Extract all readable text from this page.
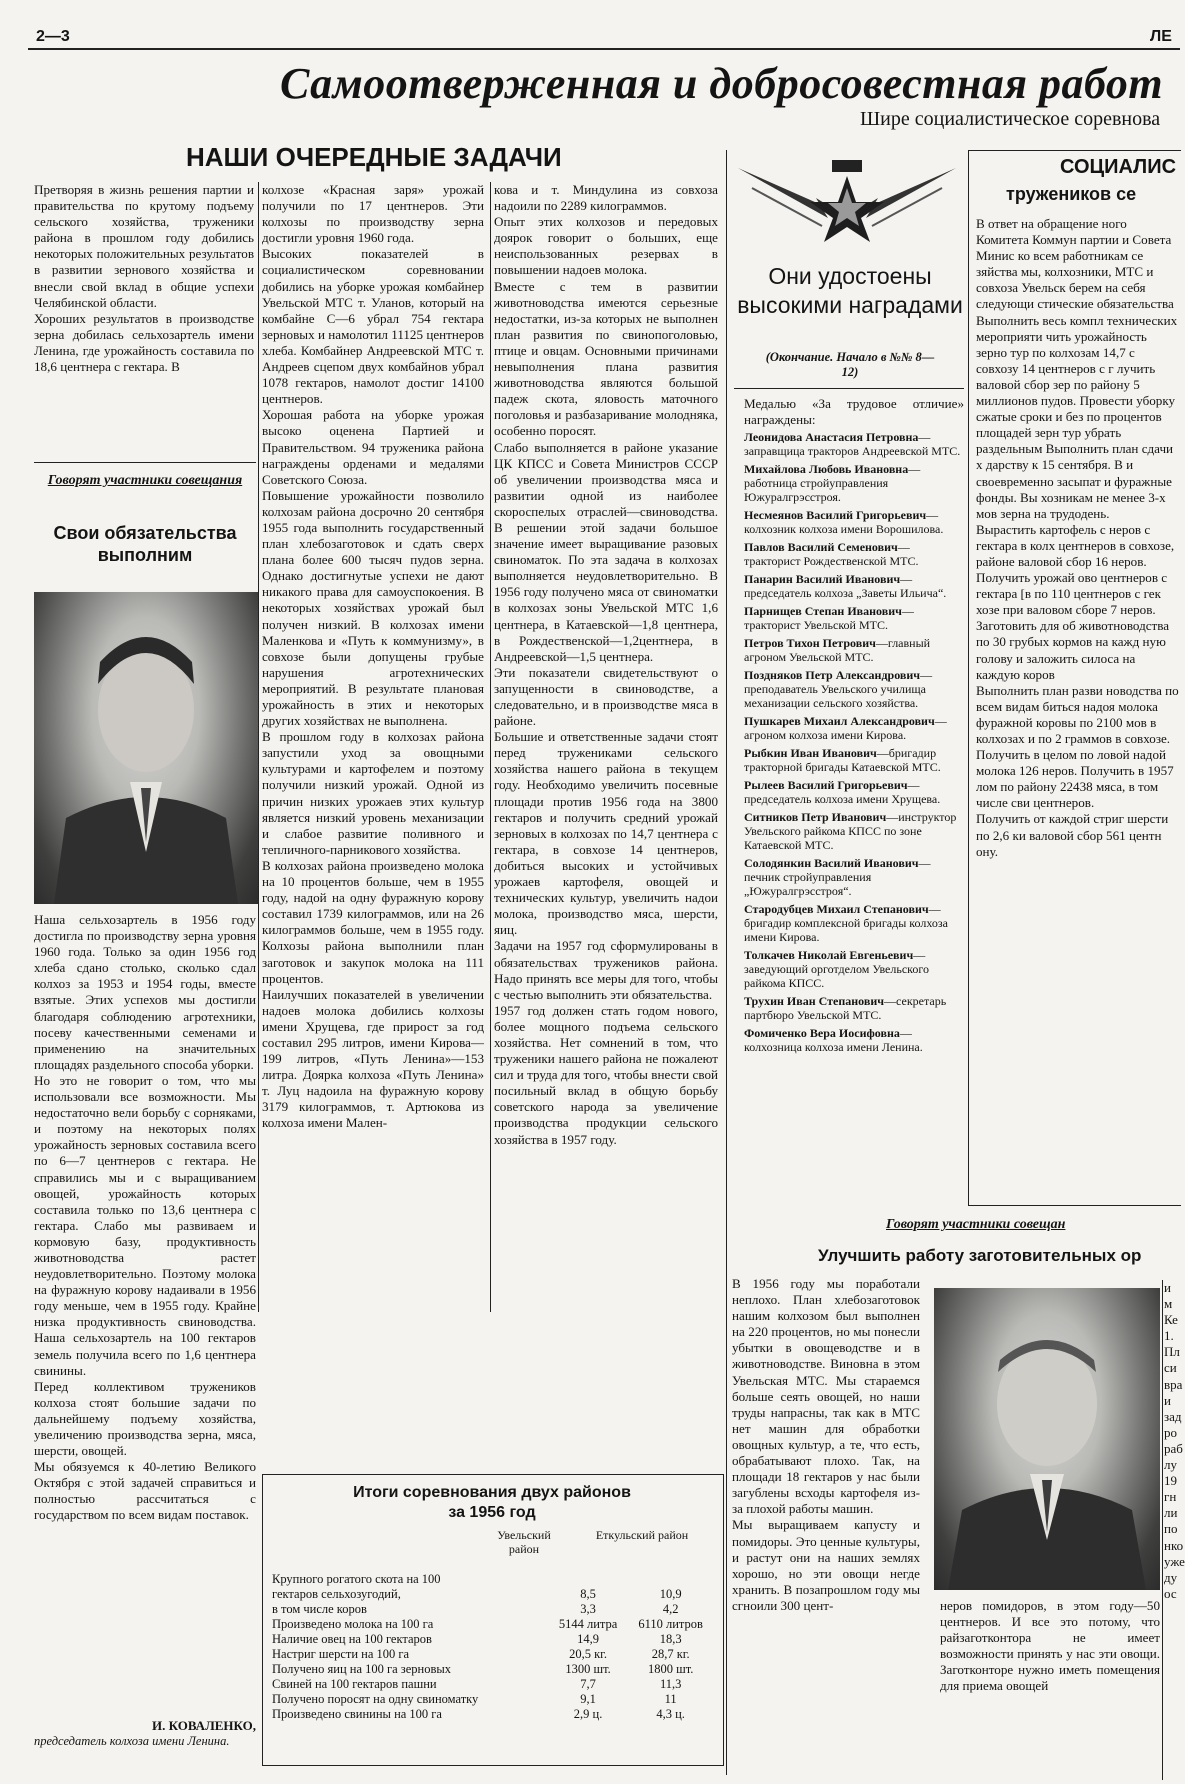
2—3	ЛЕ
Самоотверженная и добросовестная работ
Шире социалистическое соревнова
НАШИ ОЧЕРЕДНЫЕ ЗАДАЧИ

Претворяя в жизнь решения партии и правительства по крутому подъему сельского хозяйства, труженики района в прошлом году добились некоторых положительных результатов в развитии зернового хозяйства и внесли свой вклад в общие успехи Челябинской области.
Хороших результатов в производстве зерна добилась сельхозартель имени Ленина, где урожайность составила по 18,6 центнера с гектара. В

колхозе «Красная заря» урожай получили по 17 центнеров. Эти колхозы по производству зерна достигли уровня 1960 года.
Высоких показателей в социалистическом соревновании добились на уборке урожая комбайнер Увельской МТС т. Уланов, который на комбайне С—6 убрал 754 гектара зерновых и намолотил 11125 центнеров хлеба. Комбайнер Андреевской МТС т. Андреев сцепом двух комбайнов убрал 1078 гектаров, намолот достиг 14100 центнеров.
Хорошая работа на уборке урожая высоко оценена Партией и Правительством. 94 труженика района награждены орденами и медалями Советского Союза.
Повышение урожайности позволило колхозам района досрочно 20 сентября 1955 года выполнить государственный план хлебозаготовок и сдать сверх плана более 600 тысяч пудов зерна. Однако достигнутые успехи не дают никакого права для самоуспокоения. В некоторых хозяйствах урожай был получен низкий. В колхозах имени Маленкова и «Путь к коммунизму», в совхозе были допущены грубые нарушения агротехнических мероприятий. В результате плановая урожайность в этих и некоторых других хозяйствах не выполнена.
В прошлом году в колхозах района запустили уход за овощными культурами и картофелем и поэтому получили низкий урожай. Одной из причин низких урожаев этих культур является низкий уровень механизации и слабое развитие поливного и тепличного-парникового хозяйства.
В колхозах района произведено молока на 10 процентов больше, чем в 1955 году, надой на одну фуражную корову составил 1739 килограммов, или на 26 килограммов больше, чем в 1955 году. Колхозы района выполнили план заготовок и закупок молока на 111 процентов.
Наилучших показателей в увеличении надоев молока добились колхозы имени Хрущева, где прирост за год составил 295 литров, имени Кирова—199 литров, «Путь Ленина»—153 литра. Доярка колхоза «Путь Ленина» т. Луц надоила на фуражную корову 3179 килограммов, т. Артюкова из колхоза имени Мален-

кова и т. Миндулина из совхоза надоили по 2289 килограммов.
Опыт этих колхозов и передовых доярок говорит о больших, еще неиспользованных резервах в повышении надоев молока.
Вместе с тем в развитии животноводства имеются серьезные недостатки, из-за которых не выполнен план развития по свинопоголовью, птице и овцам. Основными причинами невыполнения плана развития животноводства являются большой падеж скота, яловость маточного поголовья и разбазаривание молодняка, особенно поросят.
Слабо выполняется в районе указание ЦК КПСС и Совета Министров СССР об увеличении производства мяса и развитии одной из наиболее скороспелых отраслей—свиноводства. В решении этой задачи большое значение имеет выращивание разовых свиноматок. По эта задача в колхозах выполняется неудовлетворительно. В 1956 году получено мяса от свиноматки в колхозах зоны Увельской МТС 1,6 центнера, в Катаевской—1,8 центнера, в Рождественской—1,2центнера, в Андреевской—1,5 центнера.
Эти показатели свидетельствуют о запущенности в свиноводстве, а следовательно, и в производстве мяса в районе.
Большие и ответственные задачи стоят перед тружениками сельского хозяйства нашего района в текущем году. Необходимо увеличить посевные площади против 1956 года на 3800 гектаров и получить средний урожай зерновых в колхозах по 14,7 центнера с гектара, в совхозе 14 центнеров, добиться высоких и устойчивых урожаев картофеля, овощей и технических культур, увеличить надои молока, производство мяса, шерсти, яиц.
Задачи на 1957 год сформулированы в обязательствах тружеников района. Надо принять все меры для того, чтобы с честью выполнить эти обязательства.
1957 год должен стать годом нового, более мощного подъема сельского хозяйства. Нет сомнений в том, что труженики нашего района не пожалеют сил и труда для того, чтобы внести свой посильный вклад в общую борьбу советского народа за увеличение производства продукции сельского хозяйства в 1957 году.

Говорят участники совещания
Свои обязательства выполним

Наша сельхозартель в 1956 году достигла по производству зерна уровня 1960 года. Только за один 1956 год хлеба сдано столько, сколько сдал колхоз за 1953 и 1954 годы, вместе взятые. Этих успехов мы достигли благодаря соблюдению агротехники, посеву качественными семенами и применению на значительных площадях раздельного способа уборки.
Но это не говорит о том, что мы использовали все возможности. Мы недостаточно вели борьбу с сорняками, и поэтому на некоторых полях урожайность зерновых составила всего по 6—7 центнеров с гектара. Не справились мы и с выращиванием овощей, урожайность которых составила только по 13,6 центнера с гектара. Слабо мы развиваем и кормовую базу, продуктивность животноводства растет неудовлетворительно. Поэтому молока на фуражную корову надаивали в 1956 году меньше, чем в 1955 году. Крайне низка продуктивность свиноводства. Наша сельхозартель на 100 гектаров земель получила всего по 1,6 центнера свинины.
Перед коллективом тружеников колхоза стоят большие задачи по дальнейшему подъему хозяйства, увеличению производства зерна, мяса, шерсти, овощей.
Мы обязуемся к 40-летию Великого Октября с этой задачей справиться и полностью рассчитаться с государством по всем видам поставок.

И. КОВАЛЕНКО,
председатель колхоза имени Ленина.
Итоги соревнования двух районов
за 1956 год
Увельский район
Еткульский район
Крупного рогатого скота на 100		
гектаров сельхозугодий,	8,5	10,9
в том числе коров	3,3	4,2
Произведено молока на 100 га	5144 литра	6110 литров
Наличие овец на 100 гектаров	14,9	18,3
Настриг шерсти на 100 га	20,5 кг.	28,7 кг.
Получено яиц на 100 га зерновых	1300 шт.	1800 шт.
Свиней на 100 гектаров пашни	7,7	11,3
Получено поросят на одну свиноматку	9,1	11
Произведено свинины на 100 га	2,9 ц.	4,3 ц.
Они удостоены высокими наградами
(Окончание. Начало в №№ 8—12)
Медалью «За трудовое отличие» награждены:

Леонидова Анастасия Петровна—заправщица тракторов Андреевской МТС.

Михайлова Любовь Ивановна—работница стройуправления Южуралгрэсстроя.

Несмеянов Василий Григорьевич—колхозник колхоза имени Ворошилова.

Павлов Василий Семенович—тракторист Рождественской МТС.

Панарин Василий Иванович—председатель колхоза „Заветы Ильича“.

Парнищев Степан Иванович— тракторист Увельской МТС.

Петров Тихон Петрович—главный агроном Увельской МТС.

Поздняков Петр Александрович—преподаватель Увельского училища механизации сельского хозяйства.

Пушкарев Михаил Александрович—агроном колхоза имени Кирова.

Рыбкин Иван Иванович—бригадир тракторной бригады Катаевской МТС.

Рылеев Василий Григорьевич—председатель колхоза имени Хрущева.

Ситников Петр Иванович—инструктор Увельского райкома КПСС по зоне Катаевской МТС.

Солодянкин Василий Иванович—печник стройуправления „Южуралгрэсстроя“.

Стародубцев Михаил Степанович—бригадир комплексной бригады колхоза имени Кирова.

Толкачев Николай Евгеньевич—заведующий орготделом Увельского райкома КПСС.

Трухин Иван Степанович—секретарь партбюро Увельской МТС.

Фомиченко Вера Иосифовна—колхозница колхоза имени Ленина.

СОЦИАЛИС
тружеников се

В ответ на обращение ного Комитета Коммун партии и Совета Минис ко всем работникам се зяйства мы, колхозники, МТС и совхоза Увельск берем на себя следующи стические обязательства
Выполнить весь компл технических мероприяти чить урожайность зерно тур по колхозам 14,7 с совхозу 14 центнеров с г лучить валовой сбор зер по району 5 миллионов пудов. Провести уборку сжатые сроки и без по процентов площадей зерн тур убрать раздельным Выполнить план сдачи х дарству к 15 сентября. В и своевременно засыпат и фуражные фонды. Вы хозникам не менее 3-х мов зерна на трудодень.
Вырастить картофель с неров с гектара в колх центнеров в совхозе, районе валовой сбор 16 неров.
Получить урожай ово центнеров с гектара [в по 110 центнеров с гек хозе при валовом сборе 7 неров.
Заготовить для об животноводства по 30 грубых кормов на кажд ную голову и заложить силоса на каждую коров
Выполнить план разви новодства по всем видам биться надоя молока фуражной коровы по 2100 мов в колхозах и по 2 граммов в совхозе.
Получить в целом по ловой надой молока 126 неров. Получить в 1957 лом по району 22438 мяса, в том числе сви центнеров.
Получить от каждой стриг шерсти по 2,6 ки валовой сбор 561 центн ону.

Говорят участники совещан
Улучшить работу заготовительных ор

В 1956 году мы поработали неплохо. План хлебозаготовок нашим колхозом был выполнен на 220 процентов, но мы понесли убытки в овощеводстве и в животноводстве. Виновна в этом Увельская МТС. Мы стараемся больше сеять овощей, но наши труды напрасны, так как в МТС нет машин для обработки овощных культур, а те, что есть, обрабатывают плохо. Так, на площади 18 гектаров у нас были загублены всходы картофеля из-за плохой работы машин.
Мы выращиваем капусту и помидоры. Это ценные культуры, и растут они на наших землях хорошо, но эти овощи негде хранить. В позапрошлом году мы сгноили 300 цент-

и м
Ке
1.
Пл
си
вра
и
зад
ро
раб
лу
19
гн
ли
по
нко
уже
ду
ос

неров помидоров, в этом году—50 центнеров. И все это потому, что райзаготконтора не имеет возможности принять у нас эти овощи. Заготконторе нужно иметь помещения для приема овощей
